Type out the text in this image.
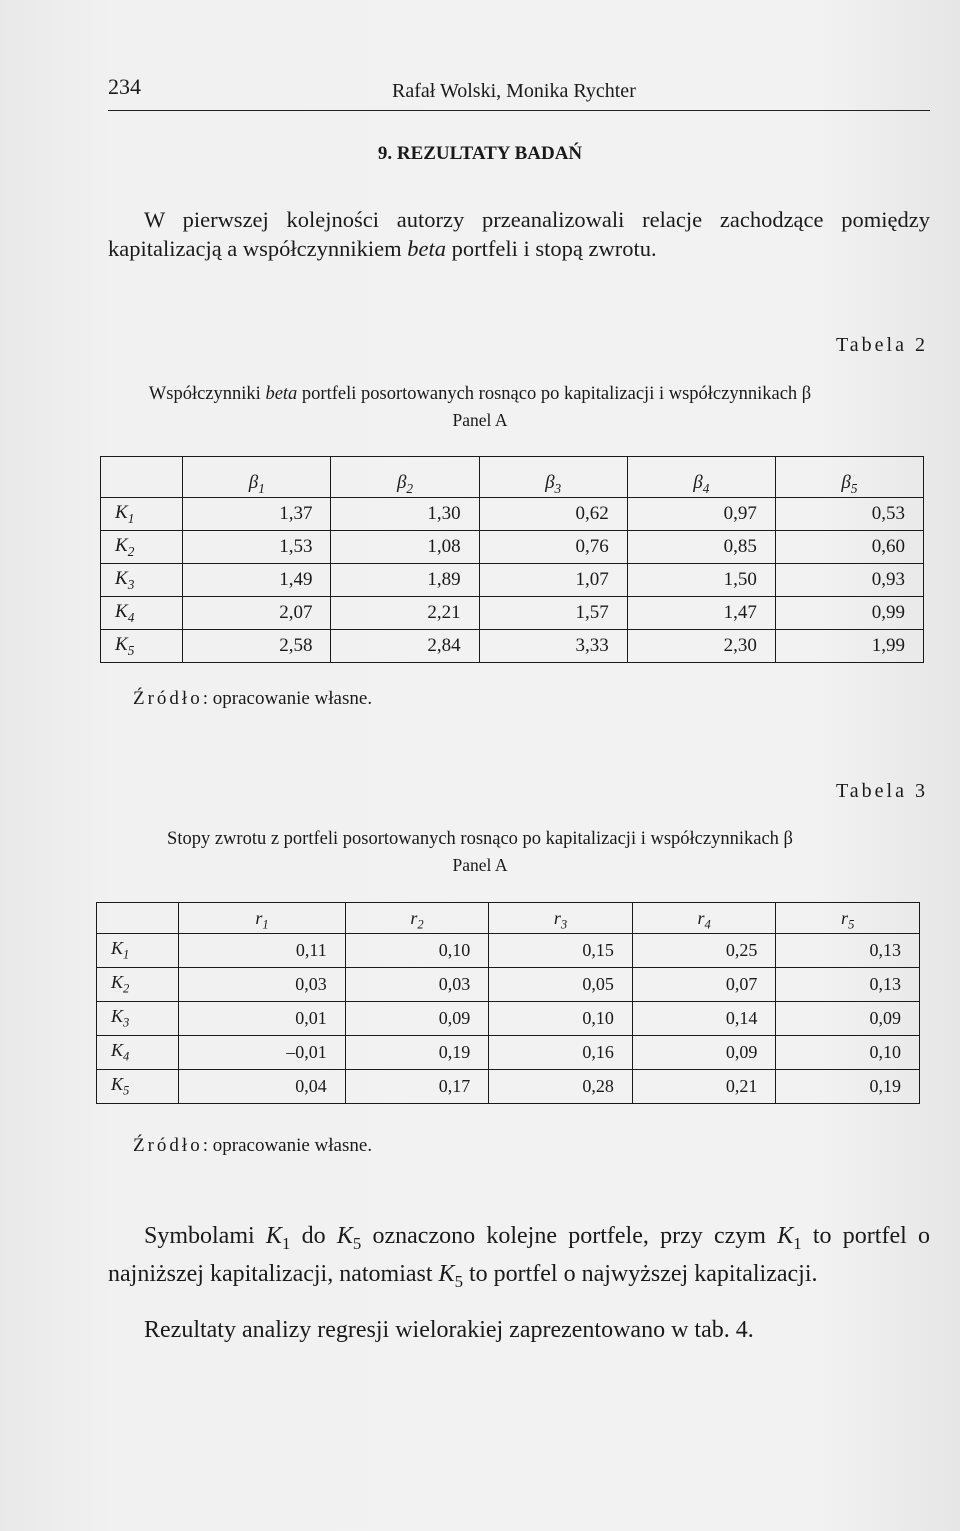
234	Rafał Wolski, Monika Rychter
9. REZULTATY BADAŃ
W pierwszej kolejności autorzy przeanalizowali relacje zachodzące pomiędzy kapitalizacją a współczynnikiem beta portfeli i stopą zwrotu.
Tabela 2
Współczynniki beta portfeli posortowanych rosnąco po kapitalizacji i współczynnikach β
Panel A
	$\beta_1$	$\beta_2$	$\beta_3$	$\beta_4$	$\beta_5$
$K_1$	1,37	1,30	0,62	0,97	0,53
$K_2$	1,53	1,08	0,76	0,85	0,60
$K_3$	1,49	1,89	1,07	1,50	0,93
$K_4$	2,07	2,21	1,57	1,47	0,99
$K_5$	2,58	2,84	3,33	2,30	1,99
Źródło: opracowanie własne.
Tabela 3
Stopy zwrotu z portfeli posortowanych rosnąco po kapitalizacji i współczynnikach β
Panel A
	$r_1$	$r_2$	$r_3$	$r_4$	$r_5$
$K_1$	0,11	0,10	0,15	0,25	0,13
$K_2$	0,03	0,03	0,05	0,07	0,13
$K_3$	0,01	0,09	0,10	0,14	0,09
$K_4$	–0,01	0,19	0,16	0,09	0,10
$K_5$	0,04	0,17	0,28	0,21	0,19
Źródło: opracowanie własne.
Symbolami $K_1$ do $K_5$ oznaczono kolejne portfele, przy czym $K_1$ to portfel o najniższej kapitalizacji, natomiast $K_5$ to portfel o najwyższej kapitalizacji.
Rezultaty analizy regresji wielorakiej zaprezentowano w tab. 4.
